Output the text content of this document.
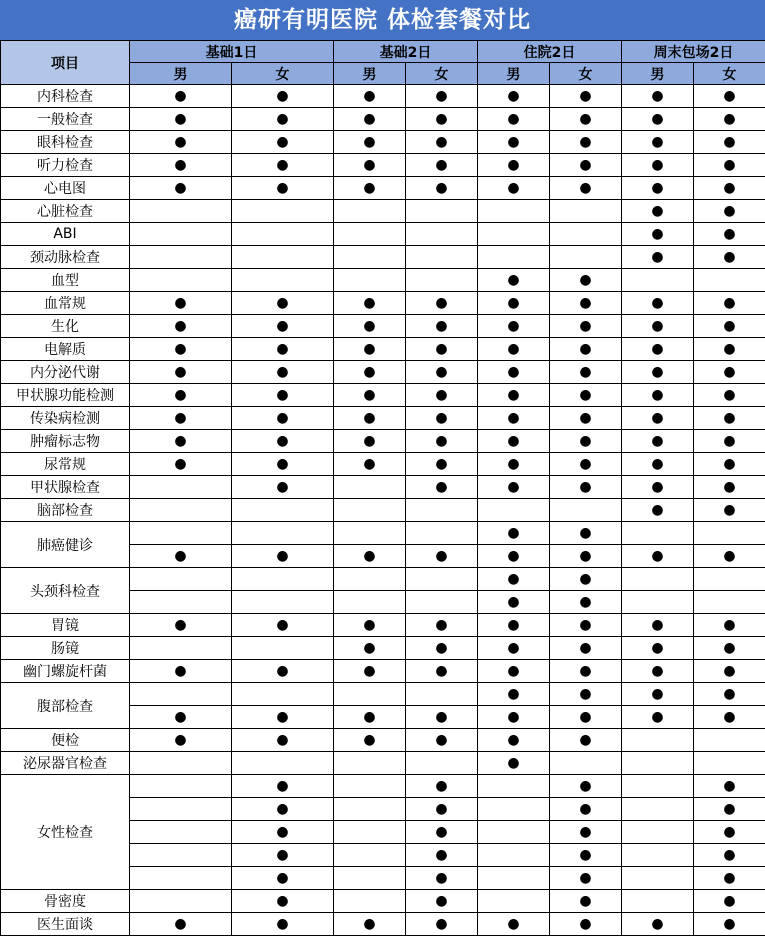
癌研有明医院 体检套餐对比
项目	基础1日		基础2日		住院2日		周末包场2日	
	男	女	男	女	男	女	男	女
内科检查	●	●	●	●	●	●	●	●
一般检查	●	●	●	●	●	●	●	●
眼科检查	●	●	●	●	●	●	●	●
听力检查	●	●	●	●	●	●	●	●
心电图	●	●	●	●	●	●	●	●
心脏检查							●	●
ABI							●	●
颈动脉检查							●	●
血型					●	●		
血常规	●	●	●	●	●	●	●	●
生化	●	●	●	●	●	●	●	●
电解质	●	●	●	●	●	●	●	●
内分泌代谢	●	●	●	●	●	●	●	●
甲状腺功能检测	●	●	●	●	●	●	●	●
传染病检测	●	●	●	●	●	●	●	●
肿瘤标志物	●	●	●	●	●	●	●	●
尿常规	●	●	●	●	●	●	●	●
甲状腺检查		●		●	●	●	●	●
脑部检查							●	●
肺癌健诊					●	●		
	●	●	●	●	●	●	●	●
头颈科检查					●	●		
					●	●		
胃镜	●	●	●	●	●	●	●	●
肠镜			●	●	●	●	●	●
幽门螺旋杆菌	●	●	●	●	●	●	●	●
腹部检查					●	●	●	●
	●	●	●	●	●	●	●	●
便检	●	●	●	●	●	●		
泌尿器官检查					●			
女性检查		●		●		●		●
		●		●		●		●
		●		●		●		●
		●		●		●		●
		●		●		●		●
骨密度		●		●		●		●
医生面谈	●	●	●	●	●	●	●	●
